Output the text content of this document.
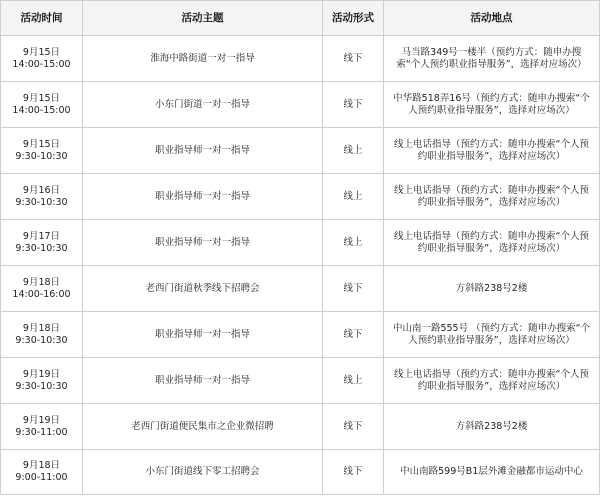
活动时间	活动主题	活动形式	活动地点

9月15日
14:00-15:00	淮海中路街道一对一指导	线下	马当路349号一楼半（预约方式：随申办搜索“个人预约职业指导服务”，选择对应场次）

9月15日
14:00-15:00	小东门街道一对一指导	线下	中华路518弄16号（预约方式：随申办搜索“个人预约职业指导服务”，选择对应场次）

9月15日
9:30-10:30	职业指导师一对一指导	线上	线上电话指导（预约方式：随申办搜索“个人预约职业指导服务”，选择对应场次）

9月16日
9:30-10:30	职业指导师一对一指导	线上	线上电话指导（预约方式：随申办搜索“个人预约职业指导服务”，选择对应场次）

9月17日
9:30-10:30	职业指导师一对一指导	线上	线上电话指导（预约方式：随申办搜索“个人预约职业指导服务”，选择对应场次）

9月18日
14:00-16:00	老西门街道秋季线下招聘会	线下	方斜路238号2楼

9月18日
9:30-10:30	职业指导师一对一指导	线下	中山南一路555号 （预约方式：随申办搜索“个人预约职业指导服务”，选择对应场次）

9月19日
9:30-10:30	职业指导师一对一指导	线上	线上电话指导（预约方式：随申办搜索“个人预约职业指导服务”，选择对应场次）

9月19日
9:30-11:00	老西门街道便民集市之企业微招聘	线下	方斜路238号2楼

9月18日
9:00-11:00	小东门街道线下零工招聘会	线下	中山南路599号B1层外滩金融都市运动中心
